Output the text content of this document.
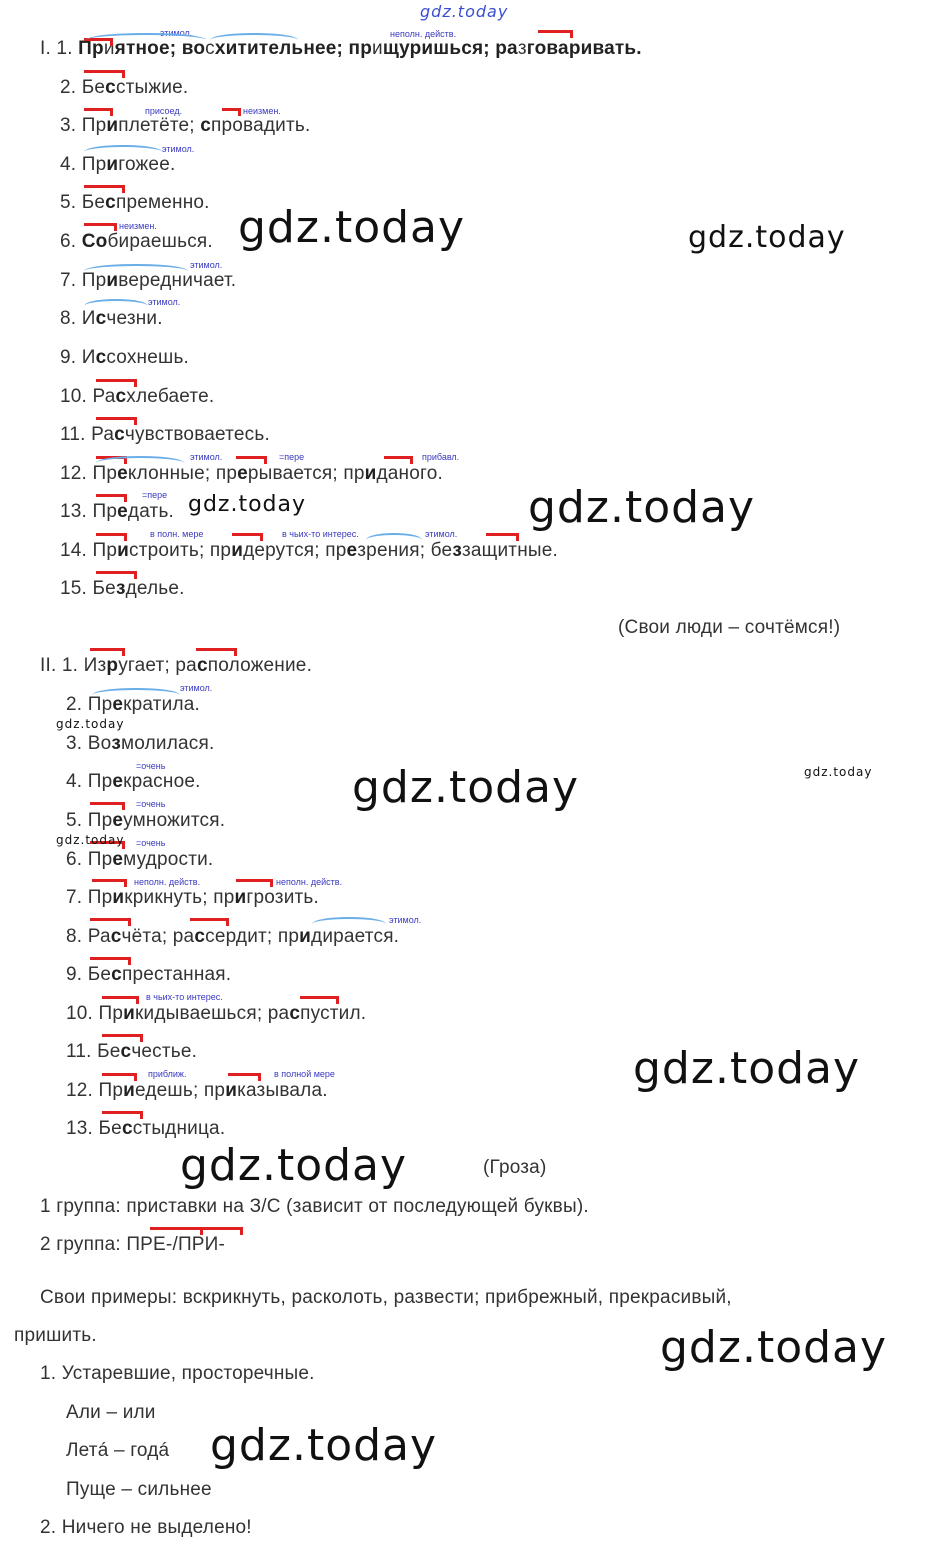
gdz.today
I. 1. Приятное; восхитительнее; прищуришься; разговаривать.
2. Бесстыжие.
3. Приплетёте; спровадить.
4. Пригожее.
5. Беспременно.
6. Собираешься.
7. Привередничает.
8. Исчезни.
9. Иссохнешь.
10. Расхлебаете.
11. Расчувствоваетесь.
12. Преклонные; прерывается; приданого.
13. Предать.
14. Пристроить; придерутся; презрения; беззащитные.
15. Безделье.
(Свои люди – сочтёмся!)
II. 1. Изругает; расположение.
2. Прекратила.
3. Возмолилася.
4. Прекрасное.
5. Преумножится.
6. Премудрости.
7. Прикрикнуть; пригрозить.
8. Расчёта; рассердит; придирается.
9. Беспрестанная.
10. Прикидываешься; распустил.
11. Бесчестье.
12. Приедешь; приказывала.
13. Бесстыдница.
(Гроза)
1 группа: приставки на З/С (зависит от последующей буквы).
2 группа: ПРЕ-/ПРИ-
Свои примеры: вскрикнуть, расколоть, развести; прибрежный, прекрасивый,
пришить.
1. Устаревшие, просторечные.
Али – или
Летá – годá
Пуще – сильнее
2. Ничего не выделено!
этимол.	неполн. действ.
присоед.	неизмен.
этимол.
неизмен.
этимол.
этимол.
этимол.	=пере	прибавл.
=пере
в полн. мере	в чьих-то интерес.	этимол.
этимол.
=очень
=очень
=очень
неполн. действ.	неполн. действ.
этимол.
в чьих-то интерес.
приближ.	в полной мере
gdz.today	gdz.today
gdz.today	gdz.today
gdz.today
gdz.today	gdz.today
gdz.today
gdz.today
gdz.today
gdz.today
gdz.today
